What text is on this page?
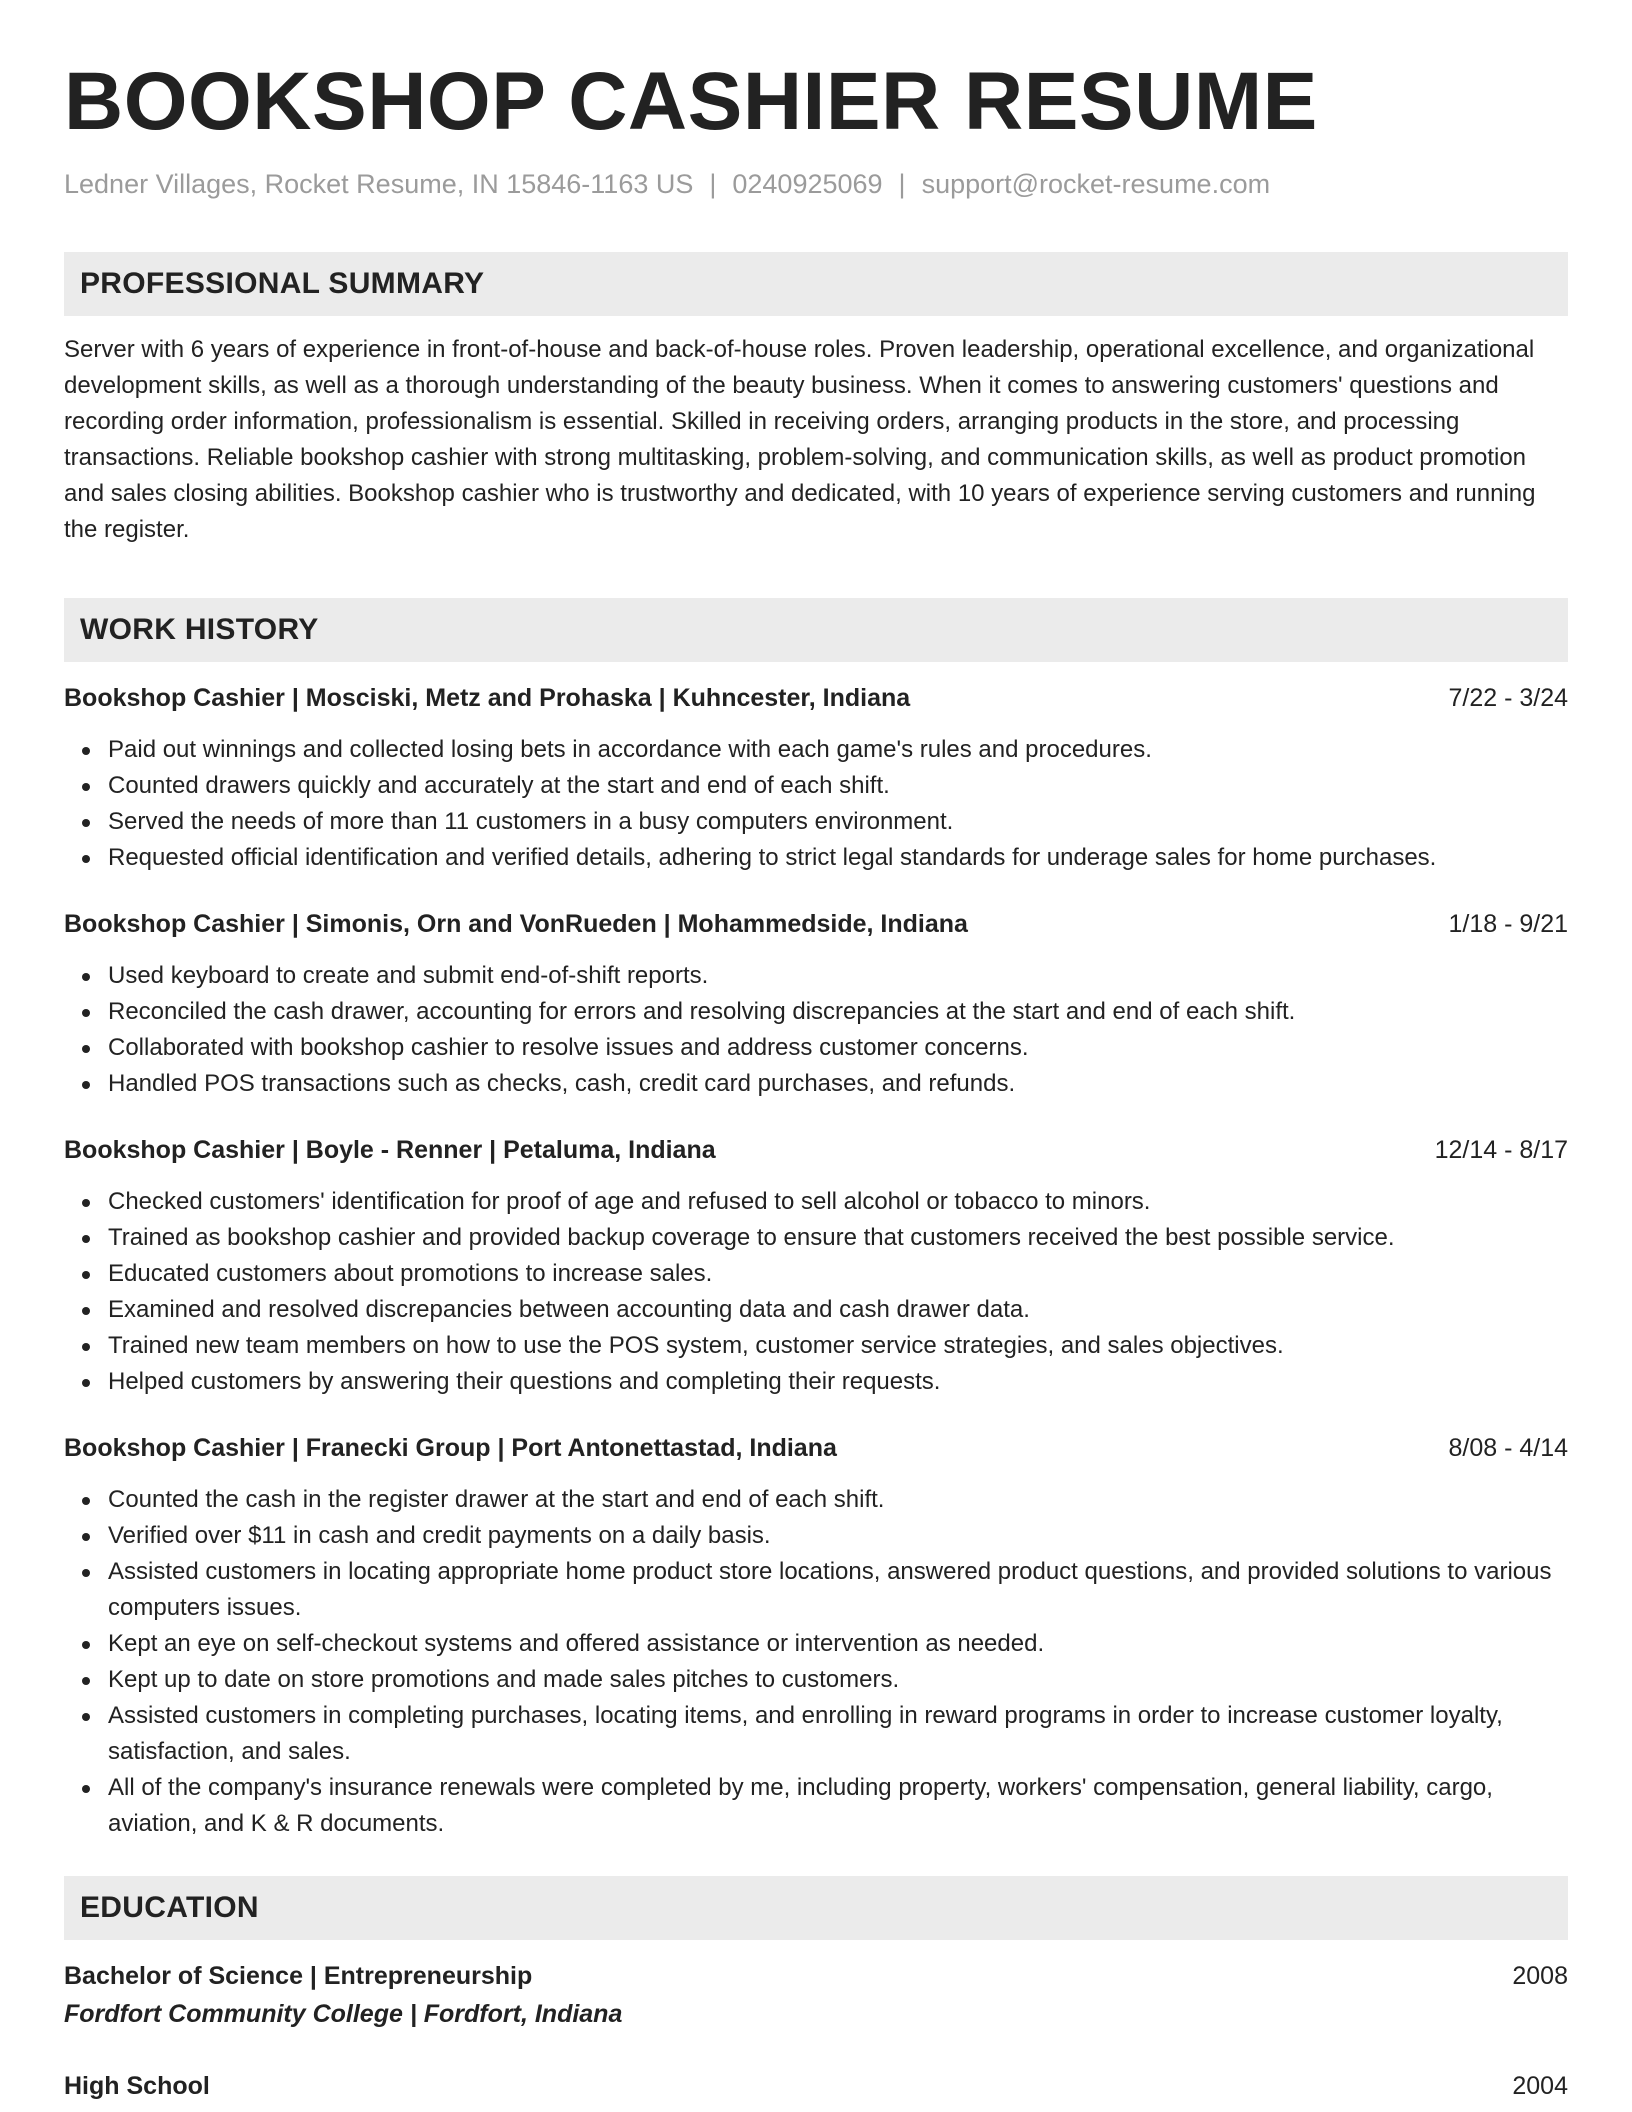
BOOKSHOP CASHIER RESUME
Ledner Villages, Rocket Resume, IN 15846-1163 US | 0240925069 | support@rocket-resume.com
PROFESSIONAL SUMMARY
Server with 6 years of experience in front-of-house and back-of-house roles. Proven leadership, operational excellence, and organizational development skills, as well as a thorough understanding of the beauty business. When it comes to answering customers' questions and recording order information, professionalism is essential. Skilled in receiving orders, arranging products in the store, and processing transactions. Reliable bookshop cashier with strong multitasking, problem-solving, and communication skills, as well as product promotion and sales closing abilities. Bookshop cashier who is trustworthy and dedicated, with 10 years of experience serving customers and running the register.
WORK HISTORY
Bookshop Cashier | Mosciski, Metz and Prohaska | Kuhncester, Indiana	7/22 - 3/24
Paid out winnings and collected losing bets in accordance with each game's rules and procedures.
Counted drawers quickly and accurately at the start and end of each shift.
Served the needs of more than 11 customers in a busy computers environment.
Requested official identification and verified details, adhering to strict legal standards for underage sales for home purchases.
Bookshop Cashier | Simonis, Orn and VonRueden | Mohammedside, Indiana	1/18 - 9/21
Used keyboard to create and submit end-of-shift reports.
Reconciled the cash drawer, accounting for errors and resolving discrepancies at the start and end of each shift.
Collaborated with bookshop cashier to resolve issues and address customer concerns.
Handled POS transactions such as checks, cash, credit card purchases, and refunds.
Bookshop Cashier | Boyle - Renner | Petaluma, Indiana	12/14 - 8/17
Checked customers' identification for proof of age and refused to sell alcohol or tobacco to minors.
Trained as bookshop cashier and provided backup coverage to ensure that customers received the best possible service.
Educated customers about promotions to increase sales.
Examined and resolved discrepancies between accounting data and cash drawer data.
Trained new team members on how to use the POS system, customer service strategies, and sales objectives.
Helped customers by answering their questions and completing their requests.
Bookshop Cashier | Franecki Group | Port Antonettastad, Indiana	8/08 - 4/14
Counted the cash in the register drawer at the start and end of each shift.
Verified over $11 in cash and credit payments on a daily basis.
Assisted customers in locating appropriate home product store locations, answered product questions, and provided solutions to various computers issues.
Kept an eye on self-checkout systems and offered assistance or intervention as needed.
Kept up to date on store promotions and made sales pitches to customers.
Assisted customers in completing purchases, locating items, and enrolling in reward programs in order to increase customer loyalty, satisfaction, and sales.
All of the company's insurance renewals were completed by me, including property, workers' compensation, general liability, cargo, aviation, and K & R documents.
EDUCATION
Bachelor of Science | Entrepreneurship	2008
Fordfort Community College | Fordfort, Indiana
High School	2004
